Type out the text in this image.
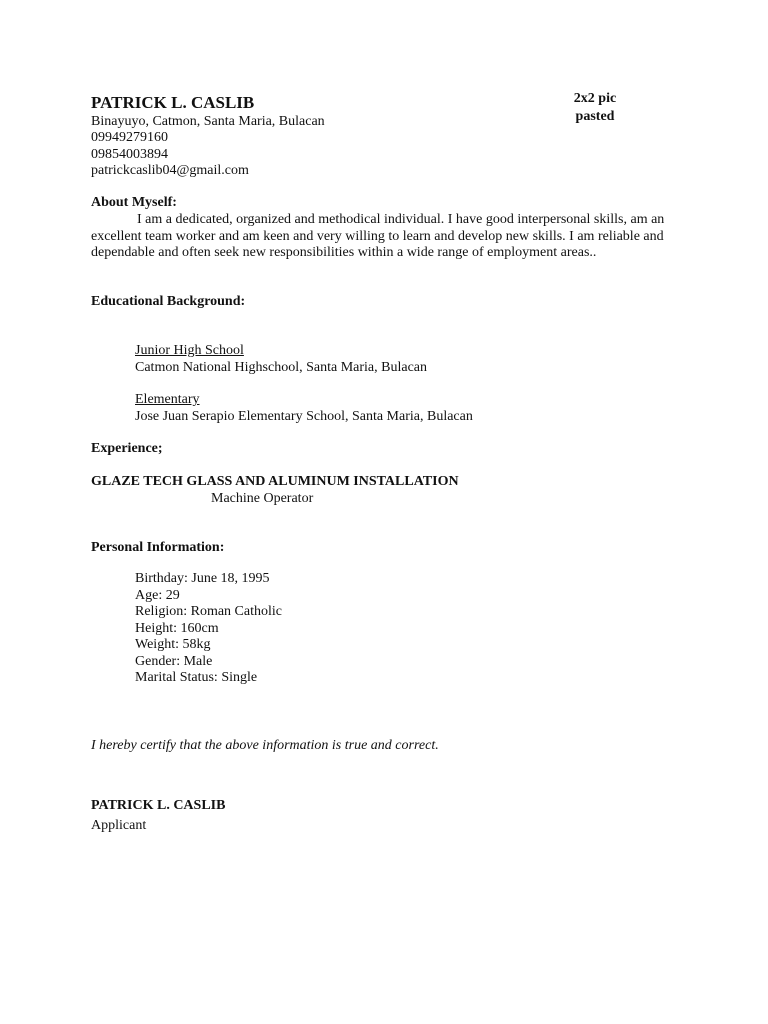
PATRICK L. CASLIB	2x2 pic
pasted
Binayuyo, Catmon, Santa Maria, Bulacan
09949279160
09854003894
patrickcaslib04@gmail.com
About Myself:
I am a dedicated, organized and methodical individual. I have good interpersonal skills, am an excellent team worker and am keen and very willing to learn and develop new skills. I am reliable and dependable and often seek new responsibilities within a wide range of employment areas..
Educational Background:
Junior High School
Catmon National Highschool, Santa Maria, Bulacan
Elementary
Jose Juan Serapio Elementary School, Santa Maria, Bulacan
Experience;
GLAZE TECH GLASS AND ALUMINUM INSTALLATION
Machine Operator
Personal Information:
Birthday: June 18, 1995
Age: 29
Religion: Roman Catholic
Height: 160cm
Weight: 58kg
Gender: Male
Marital Status: Single
I hereby certify that the above information is true and correct.
PATRICK L. CASLIB
Applicant
